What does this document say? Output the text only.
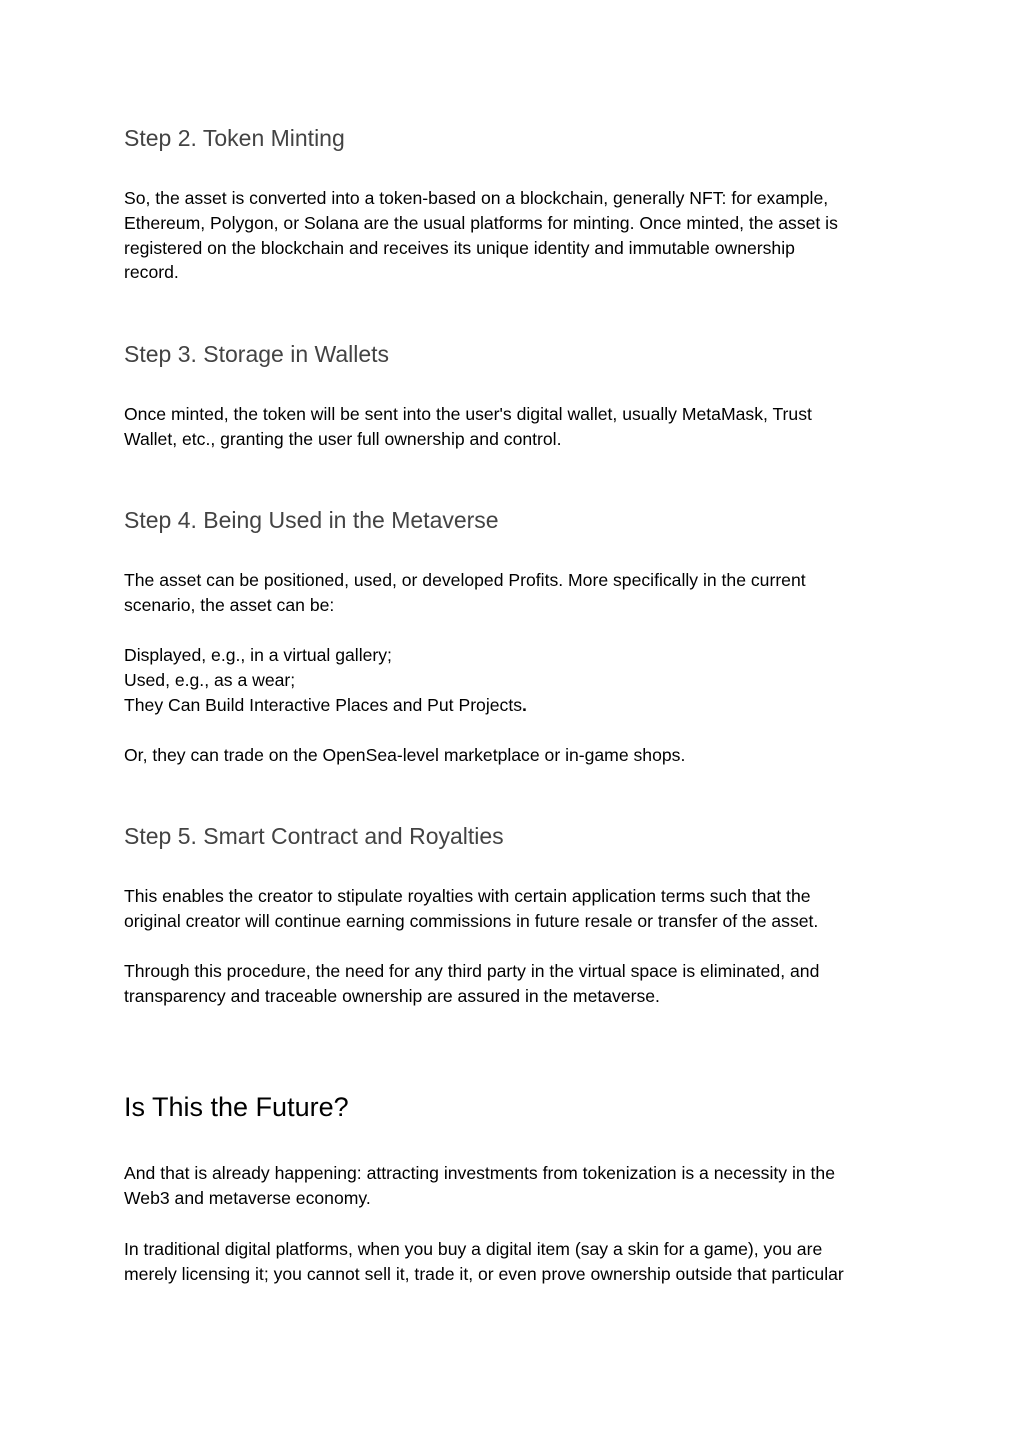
Step 2. Token Minting

So, the asset is converted into a token-based on a blockchain, generally NFT: for example,
Ethereum, Polygon, or Solana are the usual platforms for minting. Once minted, the asset is
registered on the blockchain and receives its unique identity and immutable ownership
record.

Step 3. Storage in Wallets

Once minted, the token will be sent into the user's digital wallet, usually MetaMask, Trust
Wallet, etc., granting the user full ownership and control.

Step 4. Being Used in the Metaverse

The asset can be positioned, used, or developed Profits. More specifically in the current
scenario, the asset can be:

Displayed, e.g., in a virtual gallery;
Used, e.g., as a wear;
They Can Build Interactive Places and Put Projects.

Or, they can trade on the OpenSea-level marketplace or in-game shops.

Step 5. Smart Contract and Royalties

This enables the creator to stipulate royalties with certain application terms such that the
original creator will continue earning commissions in future resale or transfer of the asset.

Through this procedure, the need for any third party in the virtual space is eliminated, and
transparency and traceable ownership are assured in the metaverse.

Is This the Future?

And that is already happening: attracting investments from tokenization is a necessity in the
Web3 and metaverse economy.

In traditional digital platforms, when you buy a digital item (say a skin for a game), you are
merely licensing it; you cannot sell it, trade it, or even prove ownership outside that particular
